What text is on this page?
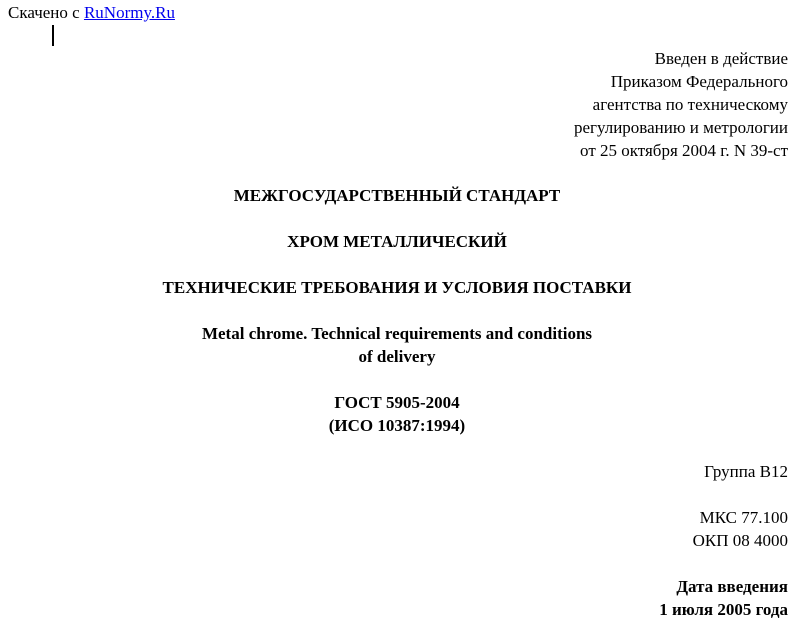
Скачено с RuNormy.Ru
Введен в действие
Приказом Федерального
агентства по техническому
регулированию и метрологии
от 25 октября 2004 г. N 39-ст
МЕЖГОСУДАРСТВЕННЫЙ СТАНДАРТ
ХРОМ МЕТАЛЛИЧЕСКИЙ
ТЕХНИЧЕСКИЕ ТРЕБОВАНИЯ И УСЛОВИЯ ПОСТАВКИ
Metal chrome. Technical requirements and conditions
of delivery
ГОСТ 5905-2004
(ИСО 10387:1994)
Группа В12
МКС 77.100
ОКП 08 4000
Дата введения
1 июля 2005 года
